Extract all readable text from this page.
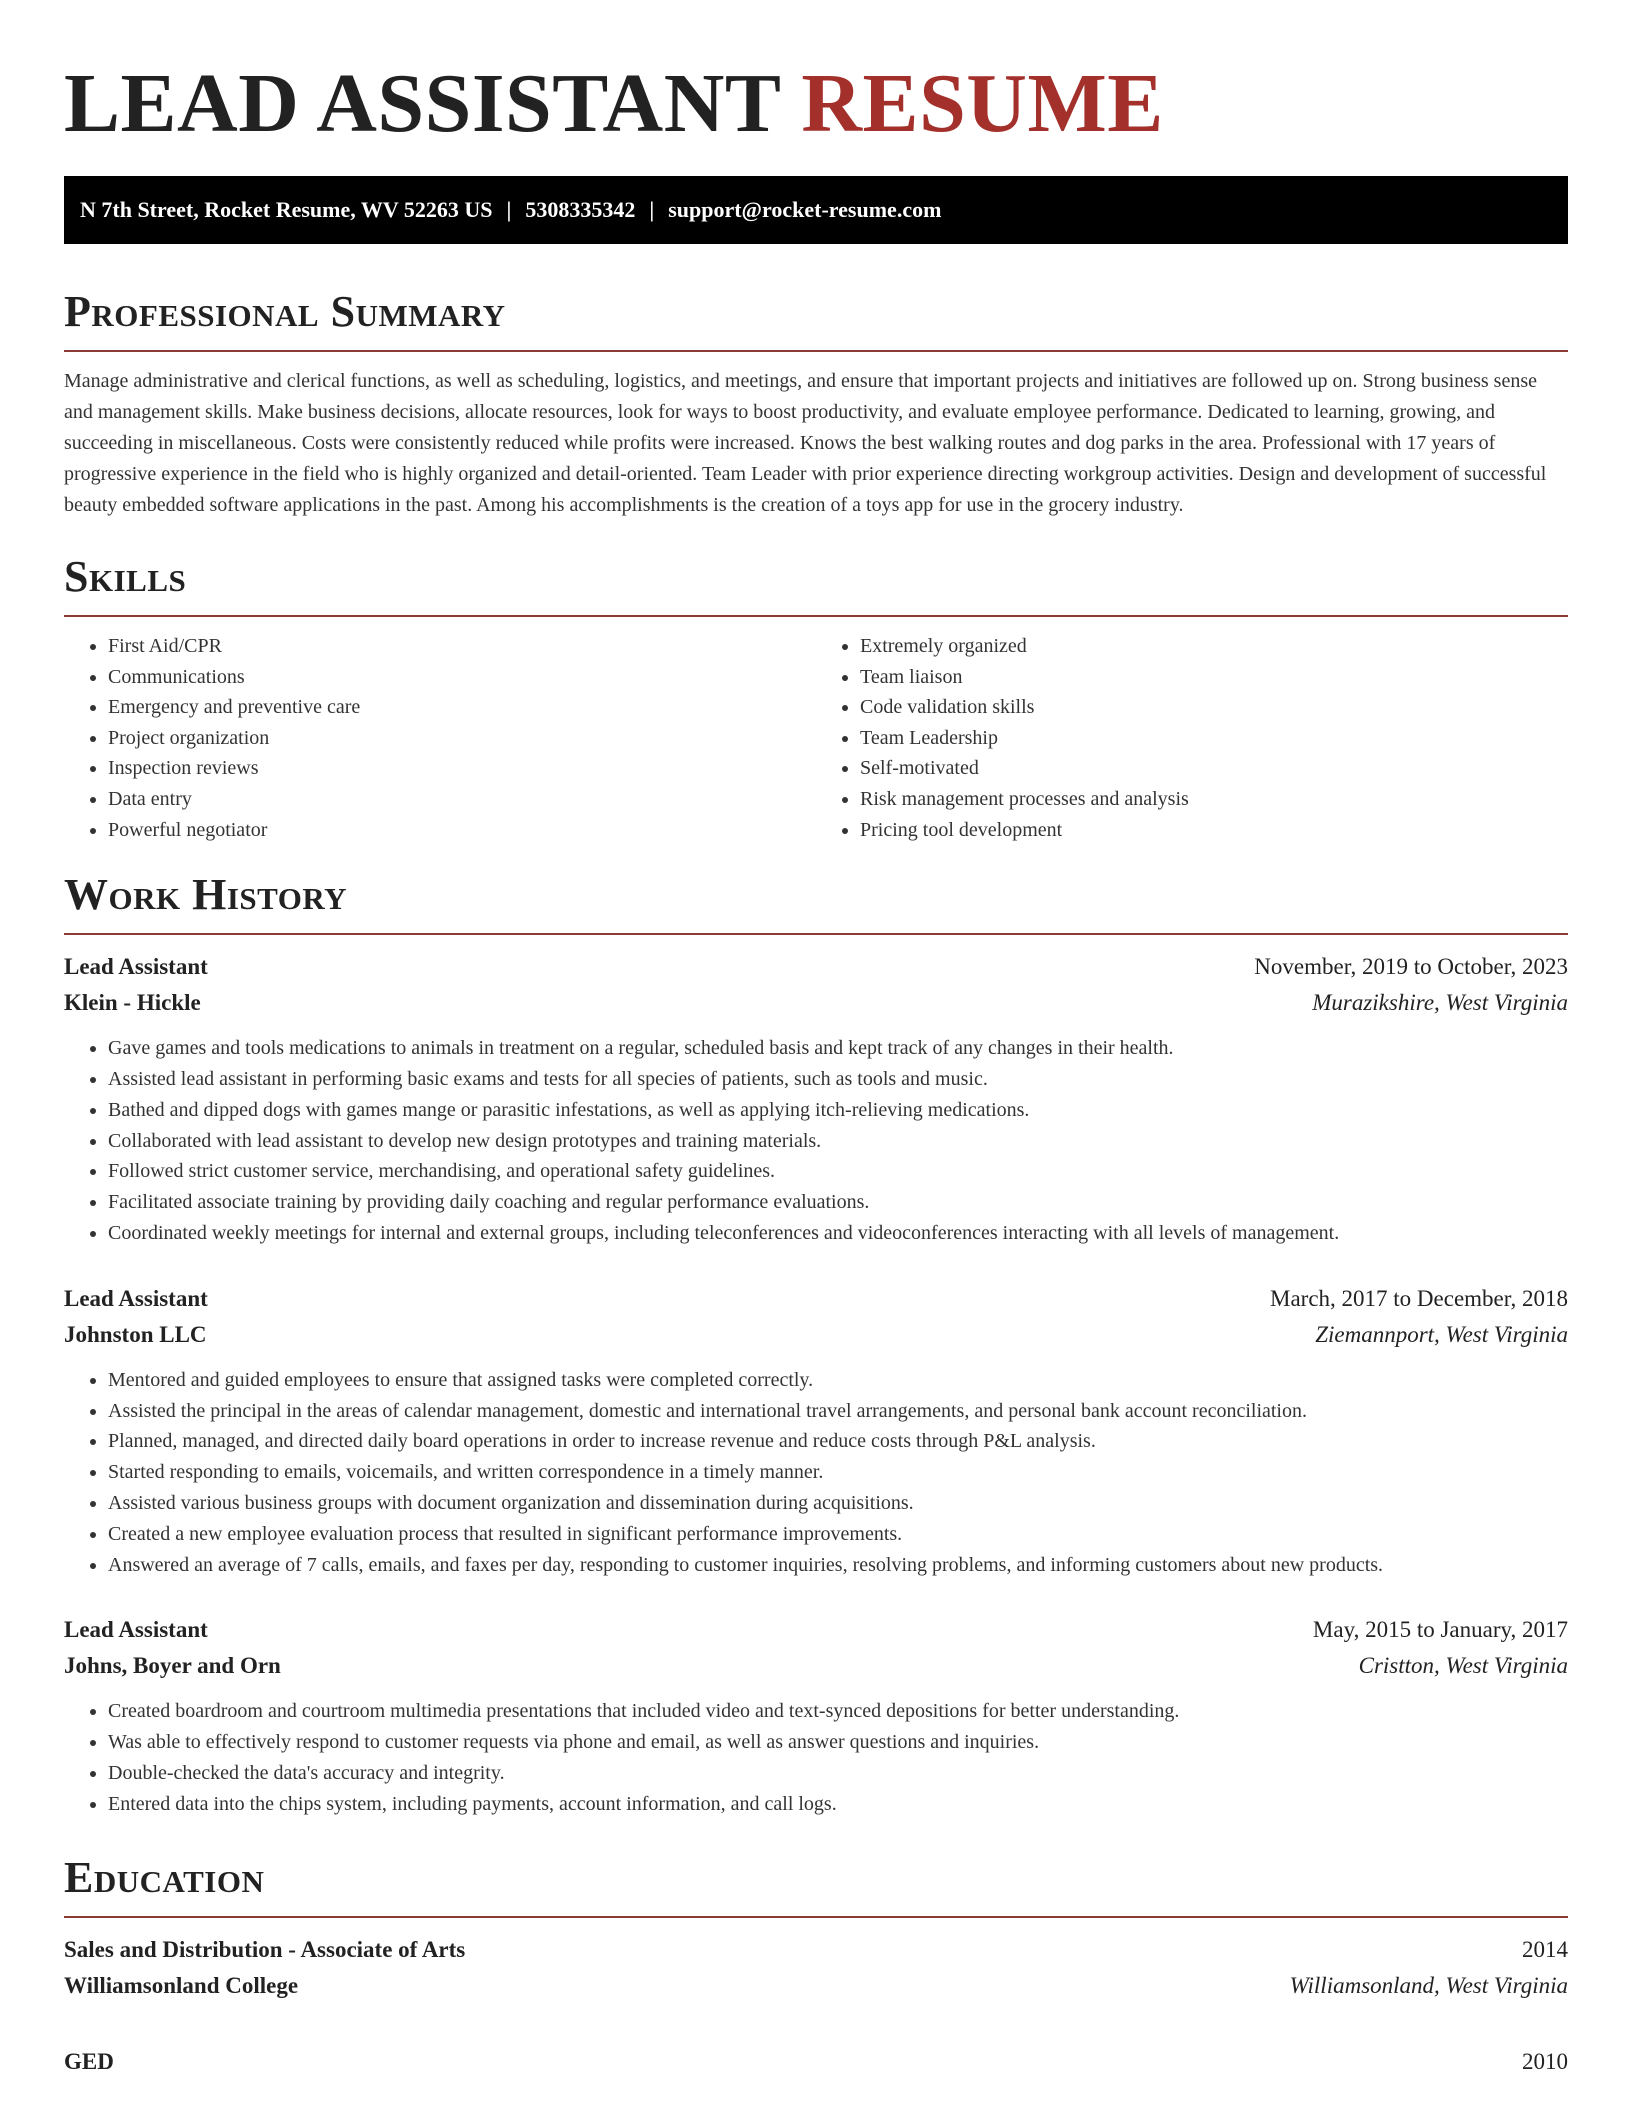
LEAD ASSISTANT RESUME
N 7th Street, Rocket Resume, WV 52263 US | 5308335342 | support@rocket-resume.com
Professional Summary

Manage administrative and clerical functions, as well as scheduling, logistics, and meetings, and ensure that important projects and initiatives are followed up on. Strong business sense and management skills. Make business decisions, allocate resources, look for ways to boost productivity, and evaluate employee performance. Dedicated to learning, growing, and succeeding in miscellaneous. Costs were consistently reduced while profits were increased. Knows the best walking routes and dog parks in the area. Professional with 17 years of progressive experience in the field who is highly organized and detail-oriented. Team Leader with prior experience directing workgroup activities. Design and development of successful beauty embedded software applications in the past. Among his accomplishments is the creation of a toys app for use in the grocery industry.

Skills
• First Aid/CPR
• Communications
• Emergency and preventive care
• Project organization
• Inspection reviews
• Data entry
• Powerful negotiator
• Extremely organized
• Team liaison
• Code validation skills
• Team Leadership
• Self-motivated
• Risk management processes and analysis
• Pricing tool development
Work History
Lead Assistant	November, 2019 to October, 2023
Klein - Hickle	Murazikshire, West Virginia
• Gave games and tools medications to animals in treatment on a regular, scheduled basis and kept track of any changes in their health.
• Assisted lead assistant in performing basic exams and tests for all species of patients, such as tools and music.
• Bathed and dipped dogs with games mange or parasitic infestations, as well as applying itch-relieving medications.
• Collaborated with lead assistant to develop new design prototypes and training materials.
• Followed strict customer service, merchandising, and operational safety guidelines.
• Facilitated associate training by providing daily coaching and regular performance evaluations.
• Coordinated weekly meetings for internal and external groups, including teleconferences and videoconferences interacting with all levels of management.
Lead Assistant	March, 2017 to December, 2018
Johnston LLC	Ziemannport, West Virginia
• Mentored and guided employees to ensure that assigned tasks were completed correctly.
• Assisted the principal in the areas of calendar management, domestic and international travel arrangements, and personal bank account reconciliation.
• Planned, managed, and directed daily board operations in order to increase revenue and reduce costs through P&L analysis.
• Started responding to emails, voicemails, and written correspondence in a timely manner.
• Assisted various business groups with document organization and dissemination during acquisitions.
• Created a new employee evaluation process that resulted in significant performance improvements.
• Answered an average of 7 calls, emails, and faxes per day, responding to customer inquiries, resolving problems, and informing customers about new products.
Lead Assistant	May, 2015 to January, 2017
Johns, Boyer and Orn	Cristton, West Virginia
• Created boardroom and courtroom multimedia presentations that included video and text-synced depositions for better understanding.
• Was able to effectively respond to customer requests via phone and email, as well as answer questions and inquiries.
• Double-checked the data's accuracy and integrity.
• Entered data into the chips system, including payments, account information, and call logs.
Education
Sales and Distribution - Associate of Arts	2014
Williamsonland College	Williamsonland, West Virginia
GED	2010
